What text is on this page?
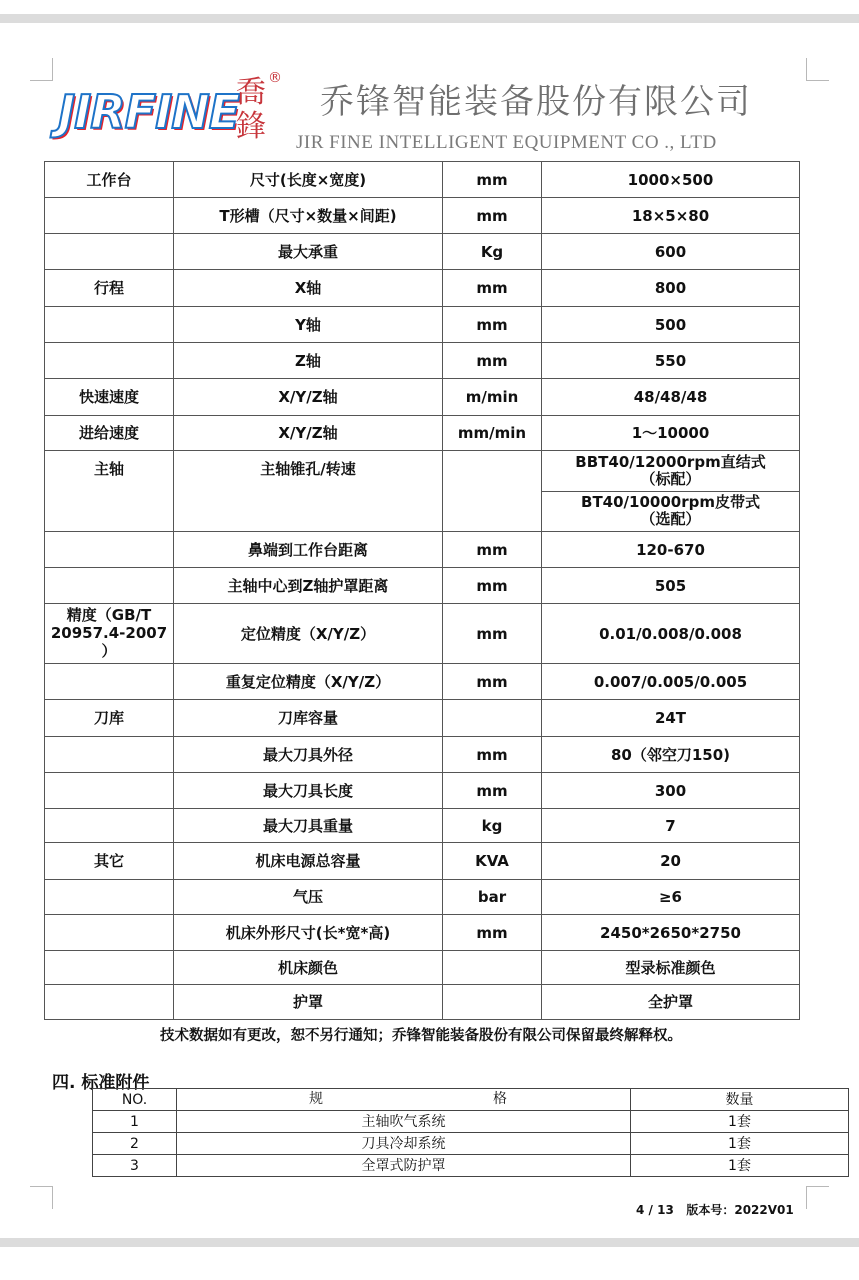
JIRFINE
喬
鋒
®
乔锋智能装备股份有限公司
JIR FINE INTELLIGENT EQUIPMENT CO ., LTD
工作台	尺寸(长度×宽度)	mm	1000×500
	T形槽（尺寸×数量×间距)	mm	18×5×80
	最大承重	Kg	600
行程	X轴	mm	800
	Y轴	mm	500
	Z轴	mm	550
快速速度	X/Y/Z轴	m/min	48/48/48
进给速度	X/Y/Z轴	mm/min	1～10000
主轴	主轴锥孔/转速		BBT40/12000rpm直结式
（标配）
BT40/10000rpm皮带式
（选配）

	鼻端到工作台距离	mm	120-670
	主轴中心到Z轴护罩距离	mm	505
精度（GB/T
20957.4-2007
）	定位精度（X/Y/Z）	mm	0.01/0.008/0.008
	重复定位精度（X/Y/Z）	mm	0.007/0.005/0.005
刀库	刀库容量		24T
	最大刀具外径	mm	80（邻空刀150)
	最大刀具长度	mm	300
	最大刀具重量	kg	7
其它	机床电源总容量	KVA	20
	气压	bar	≥6
	机床外形尺寸(长*宽*高)	mm	2450*2650*2750
	机床颜色		型录标准颜色
	护罩		全护罩
技术数据如有更改，恕不另行通知；乔锋智能装备股份有限公司保留最终解释权。
四. 标准附件
NO.	规 格	数量
1	主轴吹气系统	1套
2	刀具冷却系统	1套
3	全罩式防护罩	1套
4 / 13 版本号：2022V01
